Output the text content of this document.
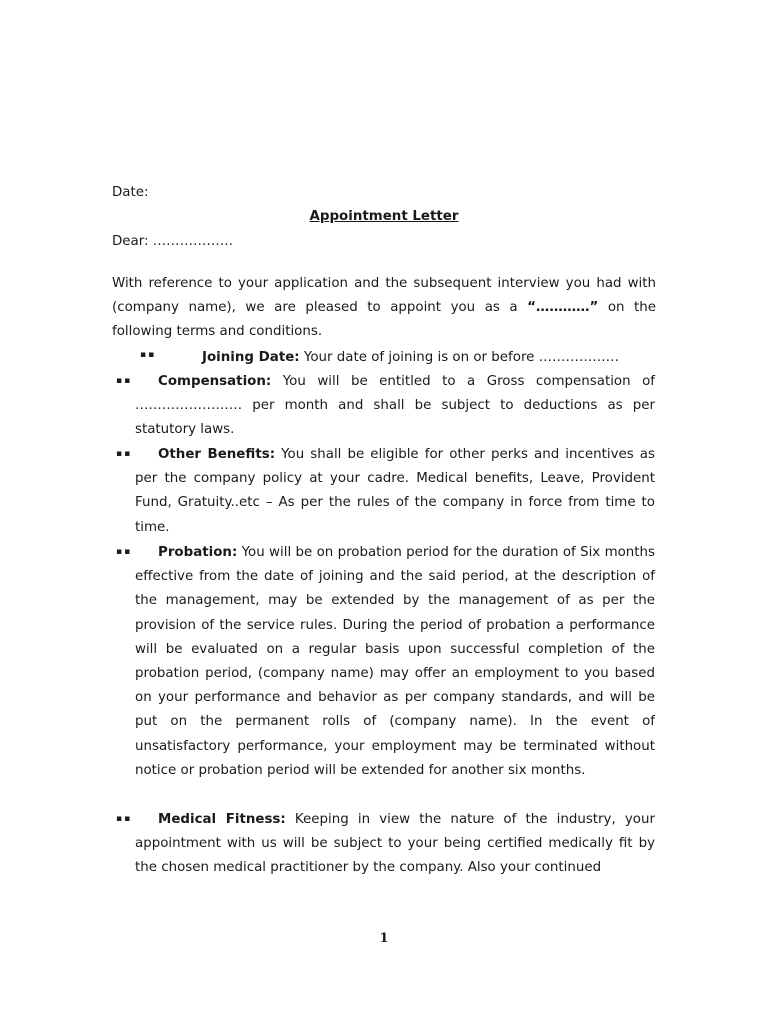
Date:
Appointment Letter
Dear: ………………
With reference to your application and the subsequent interview you had with (company name), we are pleased to appoint you as a “…………” on the following terms and conditions.
▪▪	Joining Date: Your date of joining is on or before ………………
▪▪	Compensation: You will be entitled to a Gross compensation of …………………… per month and shall be subject to deductions as per statutory laws.
▪▪	Other Benefits: You shall be eligible for other perks and incentives as per the company policy at your cadre. Medical benefits, Leave, Provident Fund, Gratuity..etc – As per the rules of the company in force from time to time.
▪▪	Probation: You will be on probation period for the duration of Six months effective from the date of joining and the said period, at the description of the management, may be extended by the management of as per the provision of the service rules. During the period of probation a performance will be evaluated on a regular basis upon successful completion of the probation period, (company name) may offer an employment to you based on your performance and behavior as per company standards, and will be put on the permanent rolls of (company name). In the event of unsatisfactory performance, your employment may be terminated without notice or probation period will be extended for another six months.
▪▪	Medical Fitness: Keeping in view the nature of the industry, your appointment with us will be subject to your being certified medically fit by the chosen medical practitioner by the company. Also your continued
1
